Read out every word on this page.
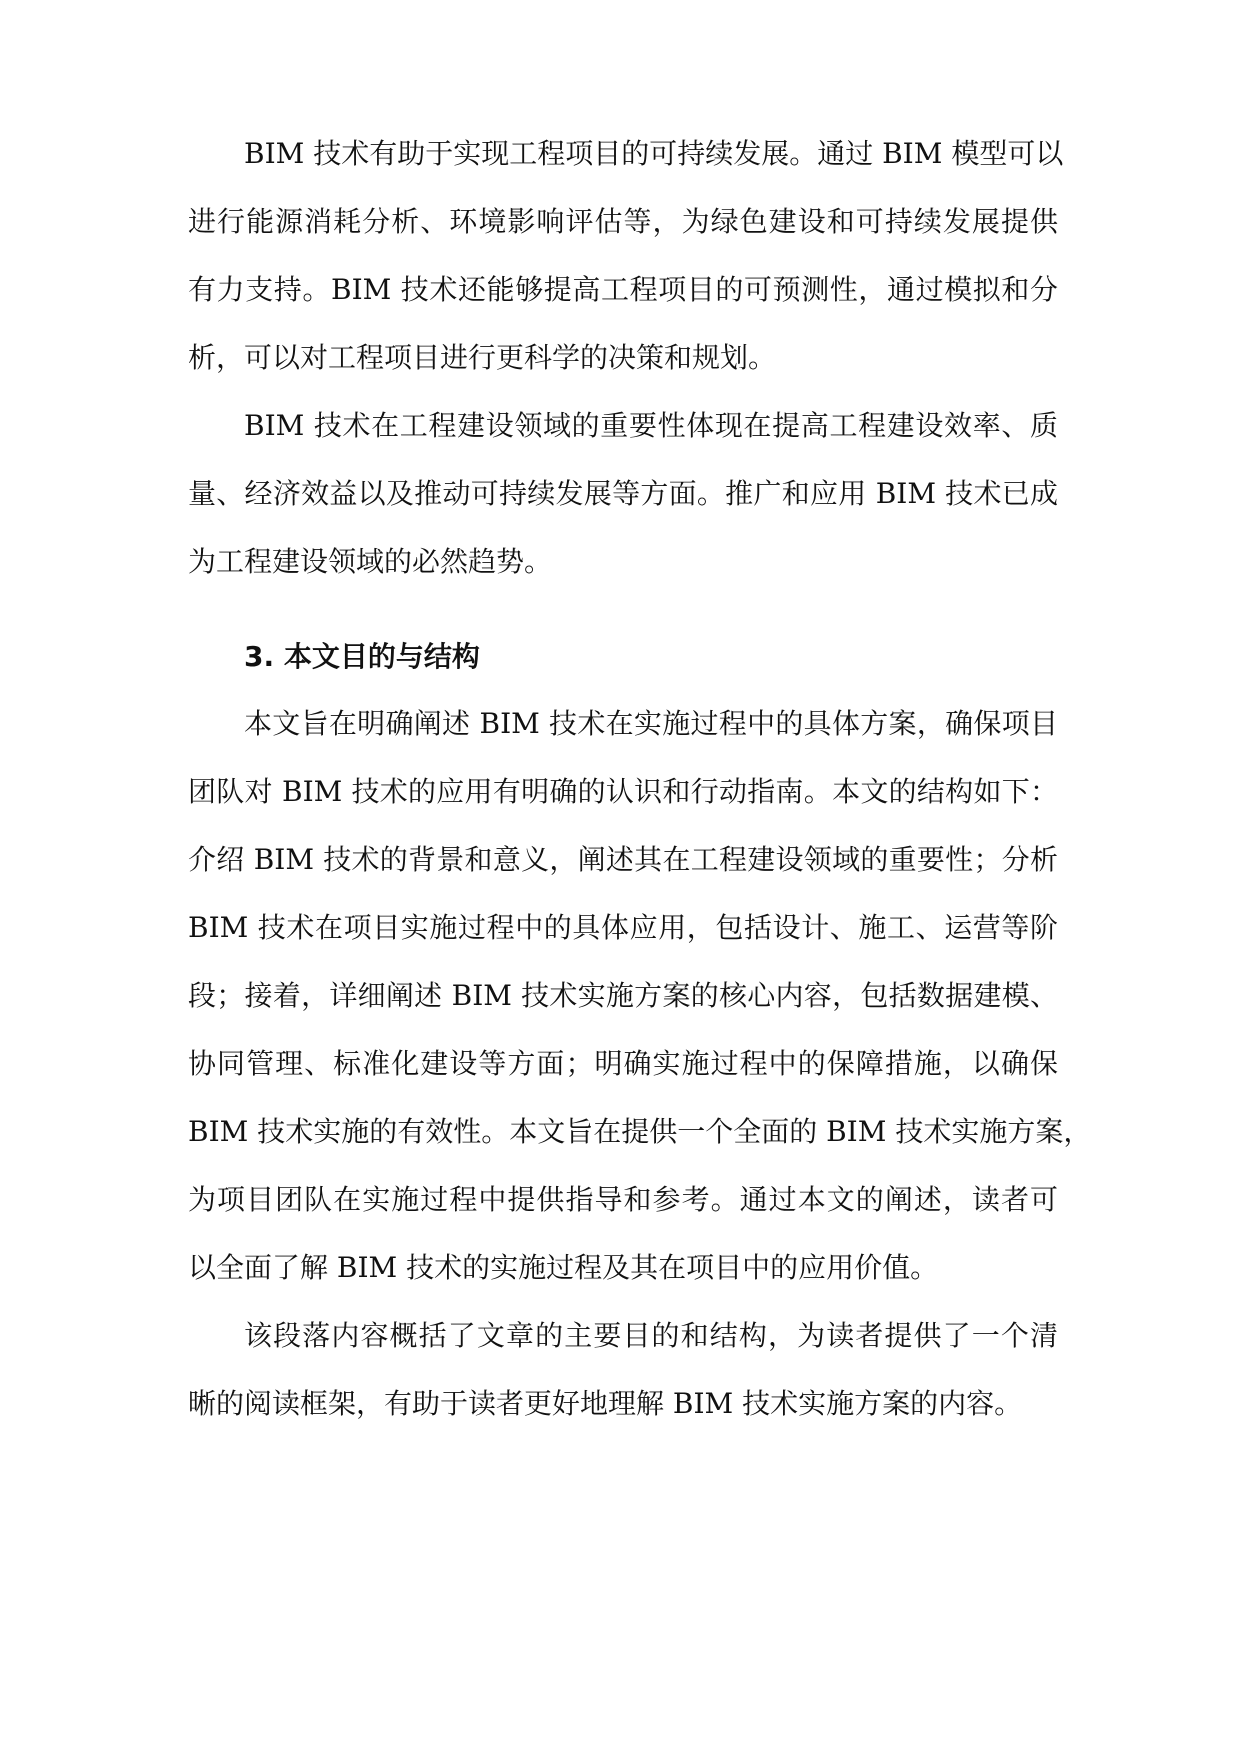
BIM 技术有助于实现工程项目的可持续发展。通过 BIM 模型可以
进行能源消耗分析、环境影响评估等，为绿色建设和可持续发展提供
有力支持。BIM 技术还能够提高工程项目的可预测性，通过模拟和分
析，可以对工程项目进行更科学的决策和规划。
BIM 技术在工程建设领域的重要性体现在提高工程建设效率、质
量、经济效益以及推动可持续发展等方面。推广和应用 BIM 技术已成
为工程建设领域的必然趋势。
3. 本文目的与结构
本文旨在明确阐述 BIM 技术在实施过程中的具体方案，确保项目
团队对 BIM 技术的应用有明确的认识和行动指南。本文的结构如下：
介绍 BIM 技术的背景和意义，阐述其在工程建设领域的重要性；分析
BIM 技术在项目实施过程中的具体应用，包括设计、施工、运营等阶
段；接着，详细阐述 BIM 技术实施方案的核心内容，包括数据建模、
协同管理、标准化建设等方面；明确实施过程中的保障措施，以确保
BIM 技术实施的有效性。本文旨在提供一个全面的 BIM 技术实施方案，
为项目团队在实施过程中提供指导和参考。通过本文的阐述，读者可
以全面了解 BIM 技术的实施过程及其在项目中的应用价值。
该段落内容概括了文章的主要目的和结构，为读者提供了一个清
晰的阅读框架，有助于读者更好地理解 BIM 技术实施方案的内容。
